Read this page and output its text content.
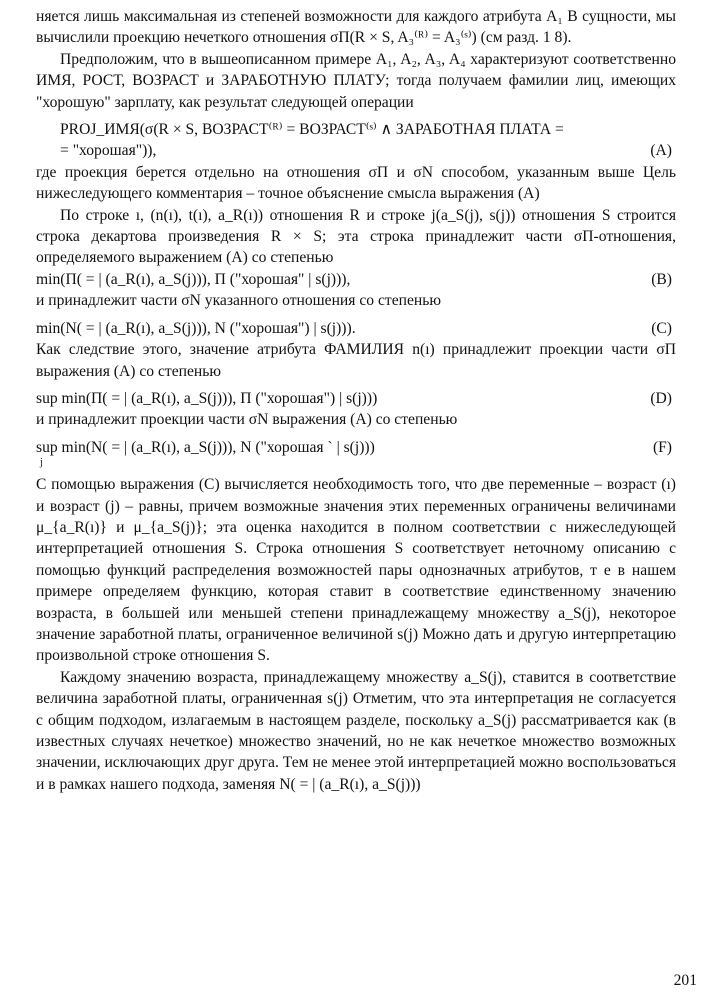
няется лишь максимальная из степеней возможности для каждого атрибута A₁ В сущности, мы вычислили проекцию нечеткого отношения σΠ(R × S, A₃⁽ᴿ⁾ = A₃⁽ˢ⁾) (см разд. 1 8).

Предположим, что в вышеописанном примере A₁, A₂, A₃, A₄ характеризуют соответственно ИМЯ, РОСТ, ВОЗРАСТ и ЗАРАБОТНУЮ ПЛАТУ; тогда получаем фамилии лиц, имеющих "хорошую" зарплату, как результат следующей операции

PROJ_ИМЯ(σ(R × S, ВОЗРАСТ⁽ᴿ⁾ = ВОЗРАСТ⁽ˢ⁾ ∧ ЗАРАБОТНАЯ ПЛАТА =

= "хорошая")),	(A)

где проекция берется отдельно на отношения σΠ и σN способом, указанным выше Цель нижеследующего комментария – точное объяснение смысла выражения (A)

По строке ı, (n(ı), t(ı), a_R(ı)) отношения R и строке j(a_S(j), s(j)) отношения S строится строка декартова произведения R × S; эта строка принадлежит части σΠ-отношения, определяемого выражением (A) со степенью

min(Π( = | (a_R(ı), a_S(j))), Π ("хорошая" | s(j))),	(B)

и принадлежит части σN указанного отношения со степенью

min(N( = | (a_R(ı), a_S(j))), N ("хорошая") | s(j))).	(C)

Как следствие этого, значение атрибута ФАМИЛИЯ n(ı) принадлежит проекции части σΠ выражения (A) со степенью

sup min(Π( = | (a_R(ı), a_S(j))), Π ("хорошая") | s(j)))	(D)

и принадлежит проекции части σN выражения (A) со степенью

sup min(N( = | (a_R(ı), a_S(j))), N ("хорошая ` | s(j)))	(F)

j

С помощью выражения (C) вычисляется необходимость того, что две переменные – возраст (ı) и возраст (j) – равны, причем возможные значения этих переменных ограничены величинами μ_{a_R(ı)} и μ_{a_S(j)}; эта оценка находится в полном соответствии с нижеследующей интерпретацией отношения S. Строка отношения S соответствует неточному описанию с помощью функций распределения возможностей пары однозначных атрибутов, т е в нашем примере определяем функцию, которая ставит в соответствие единственному значению возраста, в большей или меньшей степени принадлежащему множеству a_S(j), некоторое значение заработной платы, ограниченное величиной s(j) Можно дать и другую интерпретацию произвольной строке отношения S.

Каждому значению возраста, принадлежащему множеству a_S(j), ставится в соответствие величина заработной платы, ограниченная s(j) Отметим, что эта интерпретация не согласуется с общим подходом, излагаемым в настоящем разделе, поскольку a_S(j) рассматривается как (в известных случаях нечеткое) множество значений, но не как нечеткое множество возможных значении, исключающих друг друга. Тем не менее этой интерпретацией можно воспользоваться и в рамках нашего подхода, заменяя N( = | (a_R(ı), a_S(j)))

201
